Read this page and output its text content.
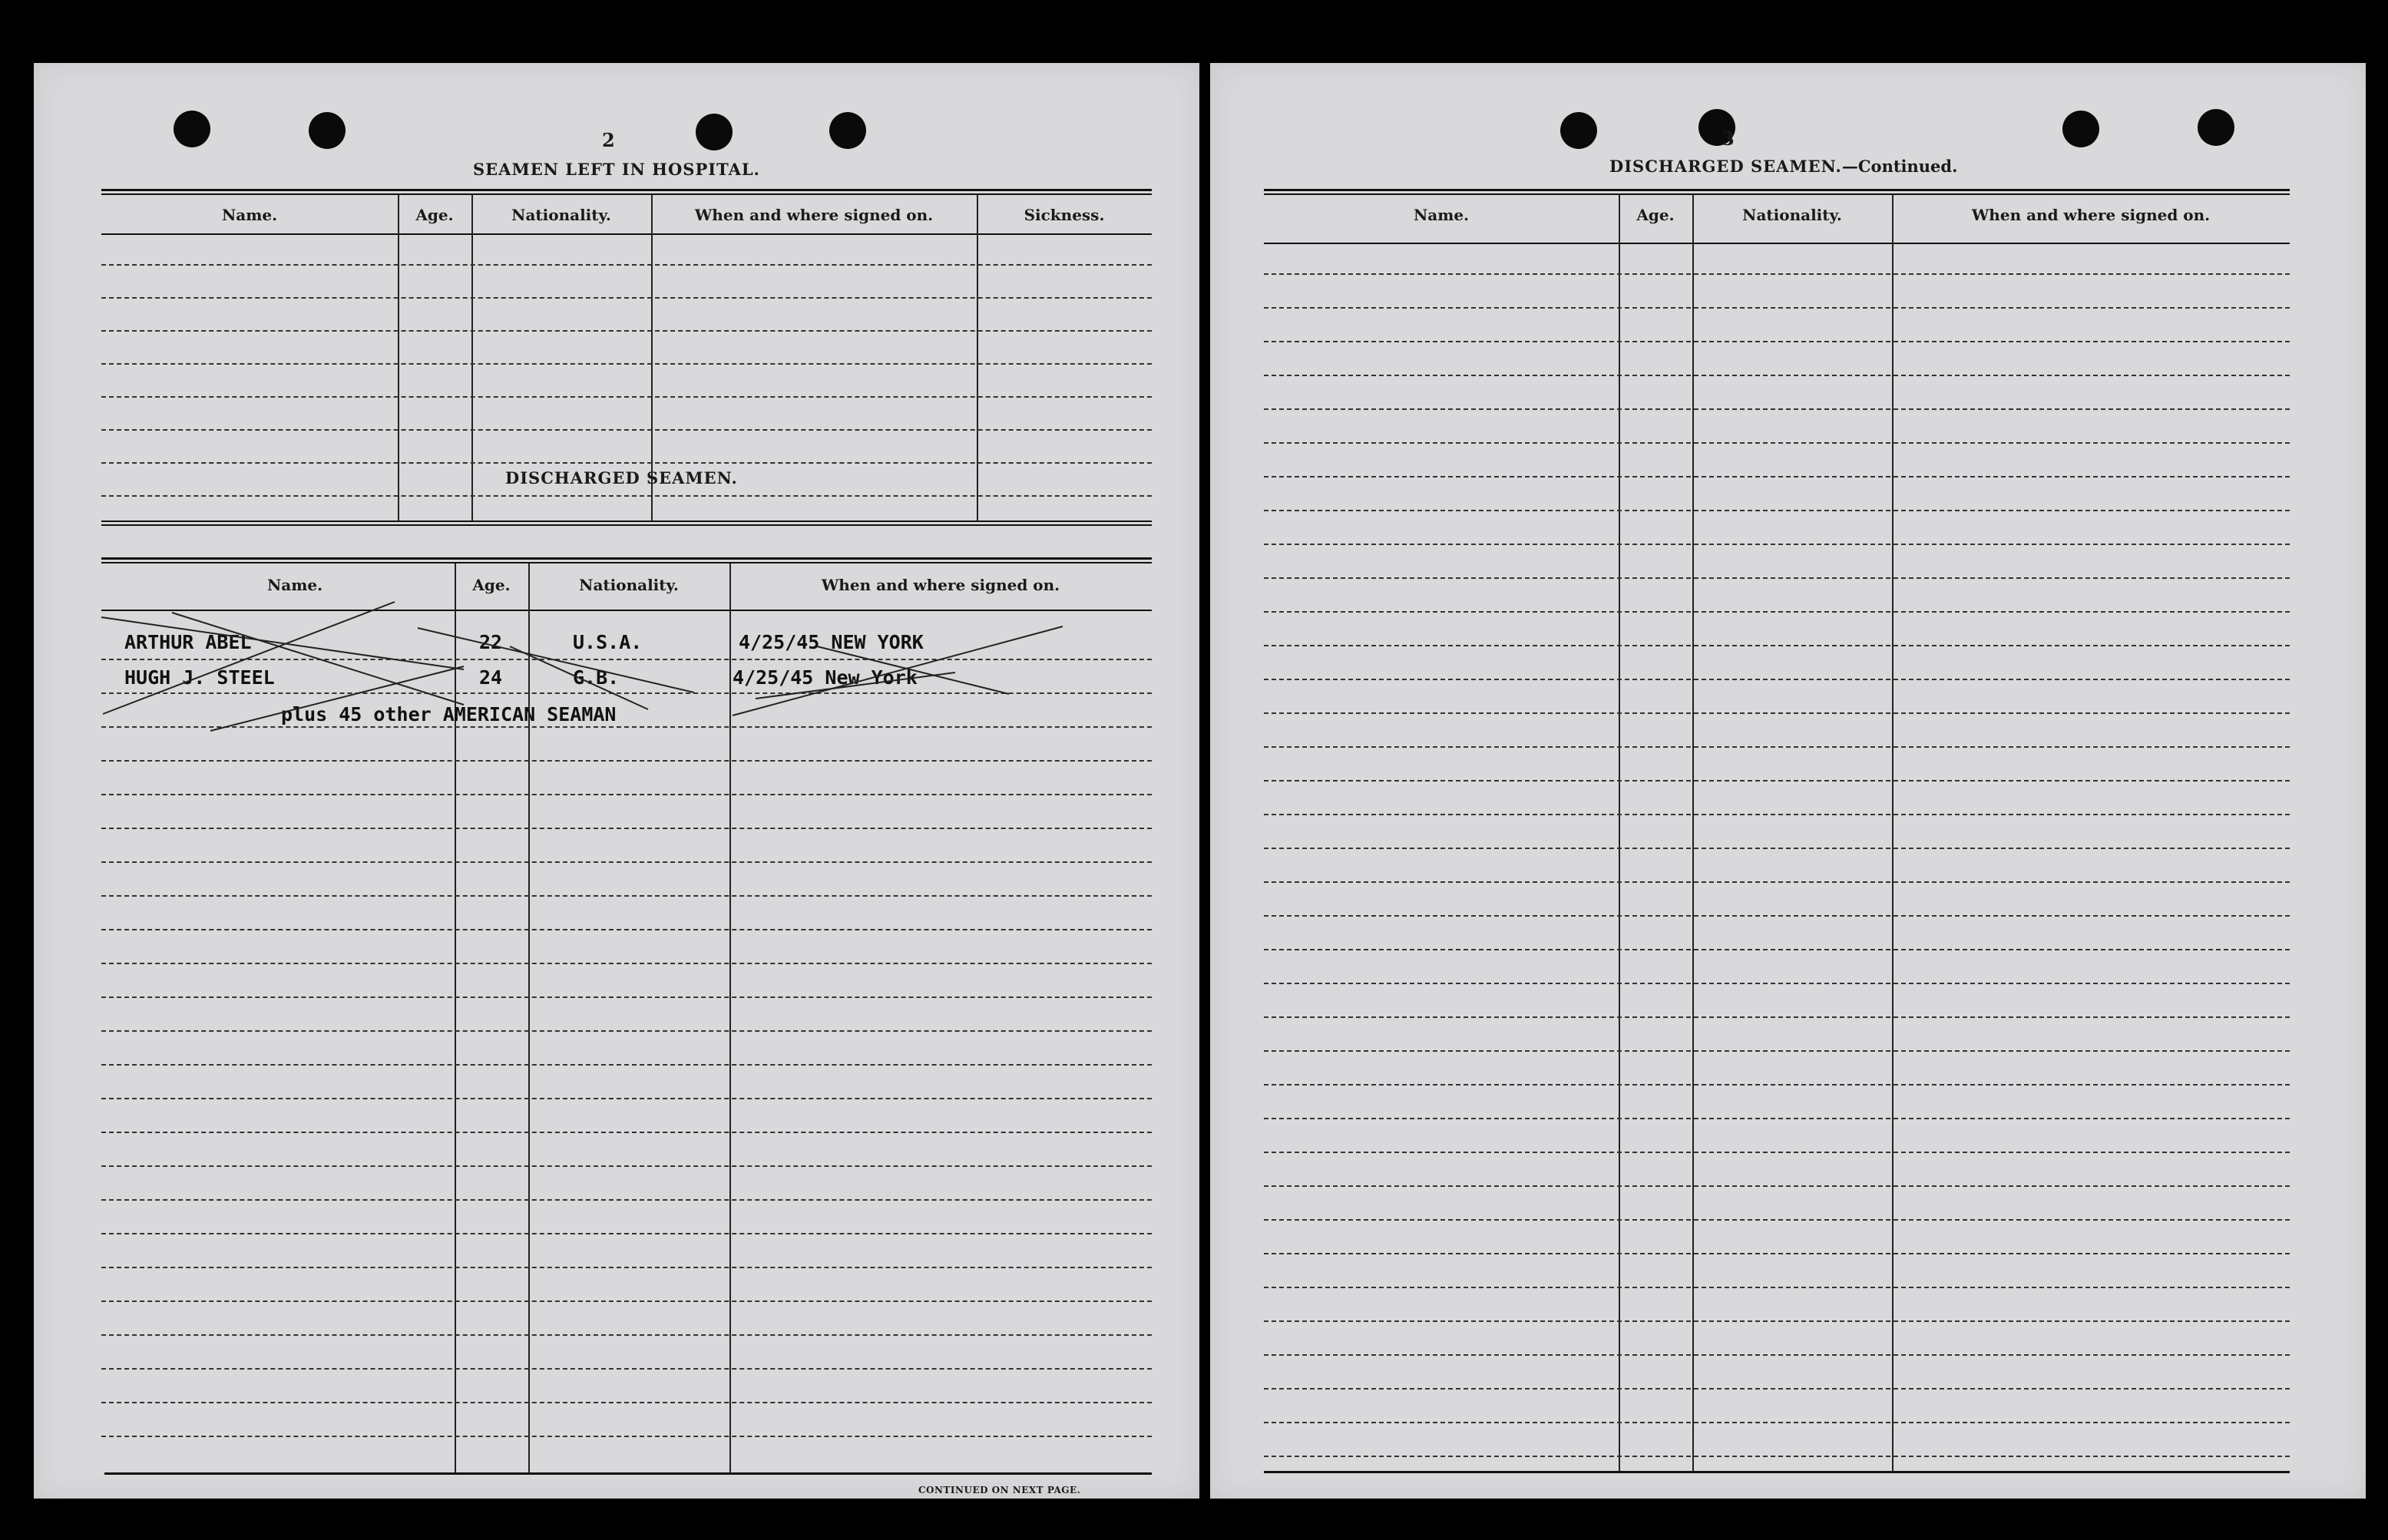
2
SEAMEN LEFT IN HOSPITAL.
Name.	Age.	Nationality.	When and where signed on.	Sickness.
DISCHARGED SEAMEN.
Name.	Age.	Nationality.	When and where signed on.
ARTHUR ABEL	22	U.S.A.	4/25/45 NEW YORK
HUGH J. STEEL	24	G.B.	4/25/45 New York
plus 45 other AMERICAN SEAMAN
CONTINUED ON NEXT PAGE.
3
DISCHARGED SEAMEN.—Continued.
Name.	Age.	Nationality.	When and where signed on.
